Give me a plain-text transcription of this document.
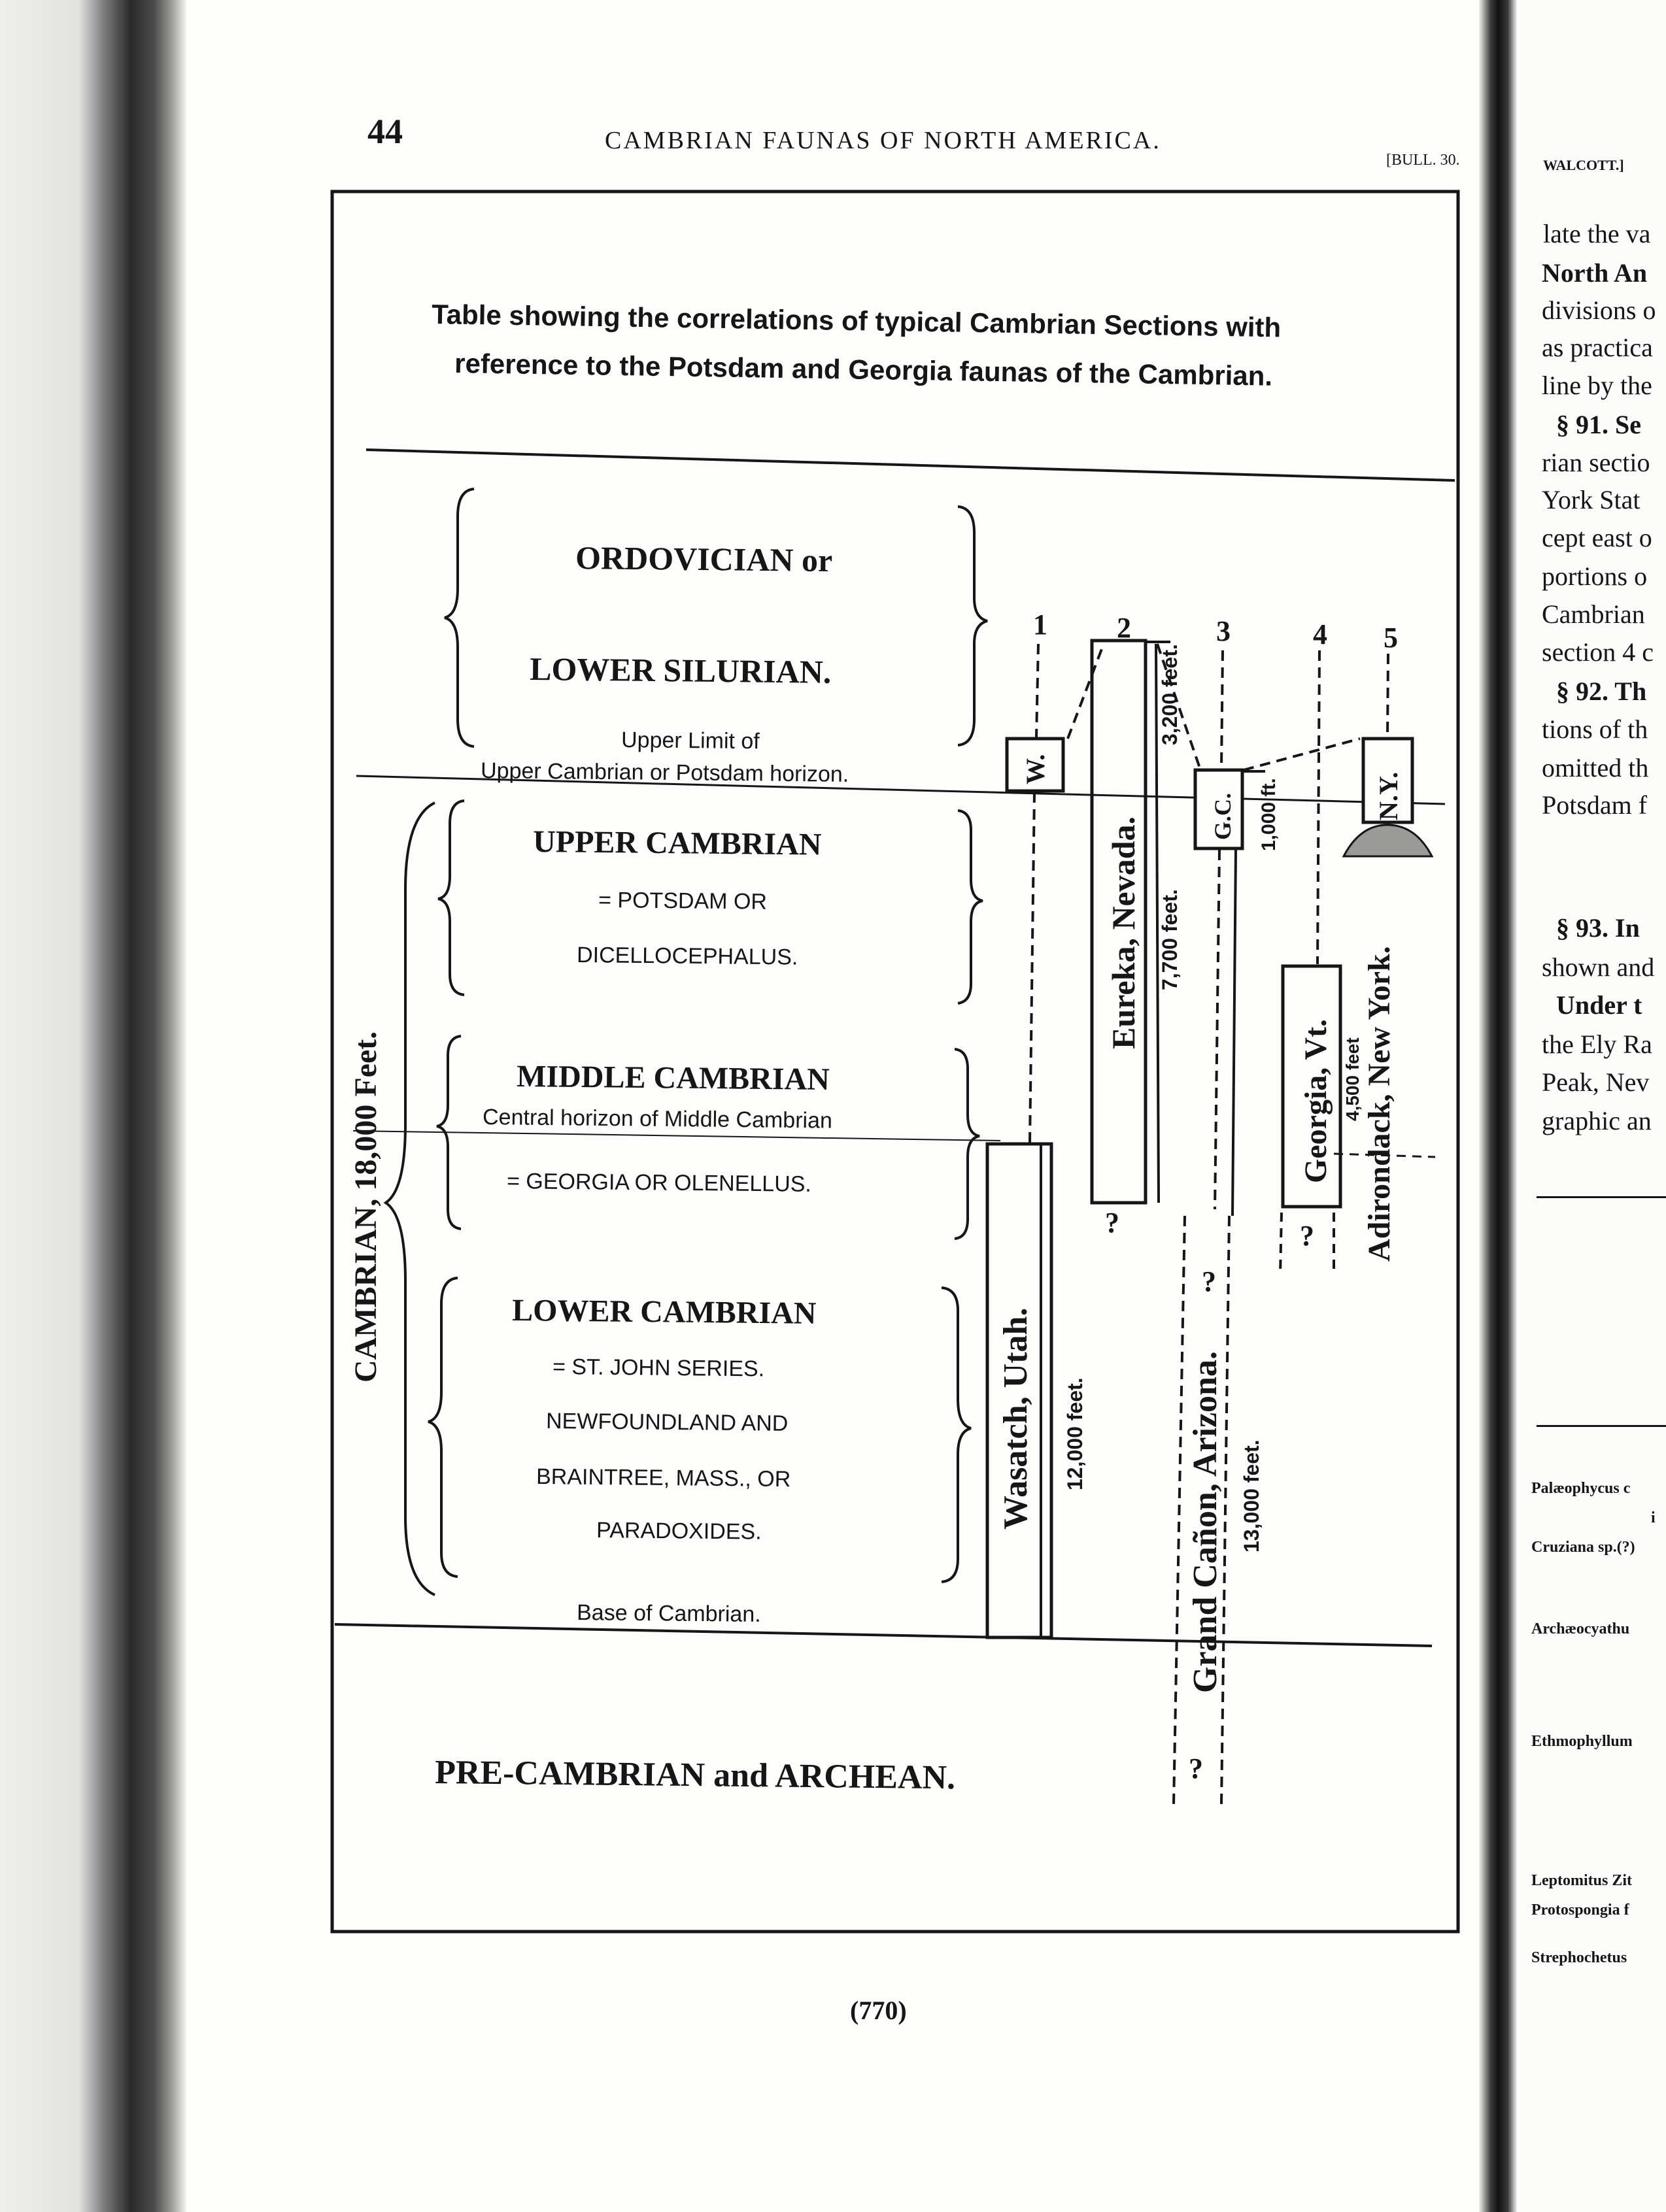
44	CAMBRIAN FAUNAS OF NORTH AMERICA.
[BULL. 30.
Table showing the correlations of typical Cambrian Sections with
reference to the Potsdam and Georgia faunas of the Cambrian.
ORDOVICIAN or
LOWER SILURIAN.
Upper Limit of
Upper Cambrian or Potsdam horizon.
UPPER CAMBRIAN
= POTSDAM OR
DICELLOCEPHALUS.
MIDDLE CAMBRIAN
Central horizon of Middle Cambrian
= GEORGIA OR OLENELLUS.
LOWER CAMBRIAN
= ST. JOHN SERIES.
NEWFOUNDLAND AND
BRAINTREE, MASS., OR
PARADOXIDES.
Base of Cambrian.
PRE-CAMBRIAN and ARCHEAN.
CAMBRIAN, 18,000 Feet.
1 2	3	4 5
W.
Wasatch, Utah. 12,000 feet.
Eureka, Nevada. 7,700 feet.
3,200 feet.
G.C. 1,000 ft.
Grand Cañon, Arizona. 13,000 feet.
Georgia, Vt. 4,500 feet
N.Y.
Adirondack, New York.
?
?
?
?
(770)
WALCOTT.]
late the va
North An
divisions o
as practica
line by the
§ 91. Se
rian sectio
York Stat
cept east o
portions o
Cambrian
section 4 c
§ 92. Th
tions of th
omitted th
Potsdam f
§ 93. In
shown and
Under t
the Ely Ra
Peak, Nev
graphic an
Palæophycus c
i
Cruziana sp.(?)
Archæocyathu
Ethmophyllum
Leptomitus Zit
Protospongia f
Strephochetus
